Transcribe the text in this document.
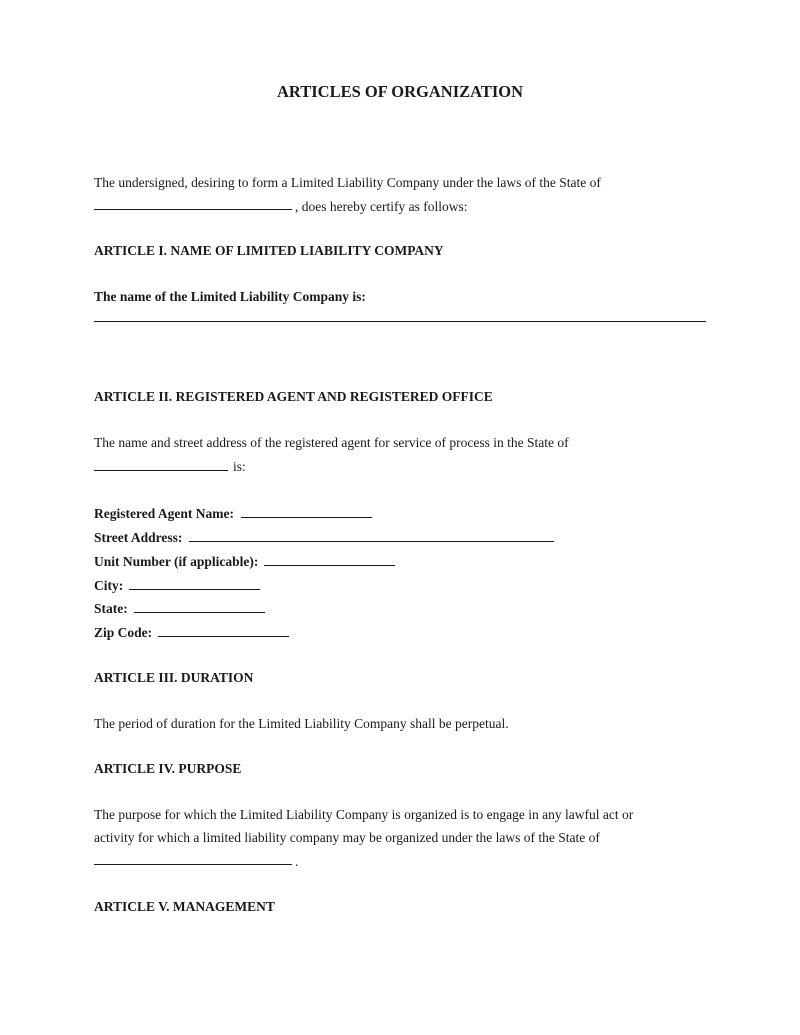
ARTICLES OF ORGANIZATION
The undersigned, desiring to form a Limited Liability Company under the laws of the State of
, does hereby certify as follows:
ARTICLE I. NAME OF LIMITED LIABILITY COMPANY
The name of the Limited Liability Company is:
ARTICLE II. REGISTERED AGENT AND REGISTERED OFFICE
The name and street address of the registered agent for service of process in the State of
is:
Registered Agent Name:
Street Address:
Unit Number (if applicable):
City:
State:
Zip Code:
ARTICLE III. DURATION
The period of duration for the Limited Liability Company shall be perpetual.
ARTICLE IV. PURPOSE
The purpose for which the Limited Liability Company is organized is to engage in any lawful act or
activity for which a limited liability company may be organized under the laws of the State of
.
ARTICLE V. MANAGEMENT
